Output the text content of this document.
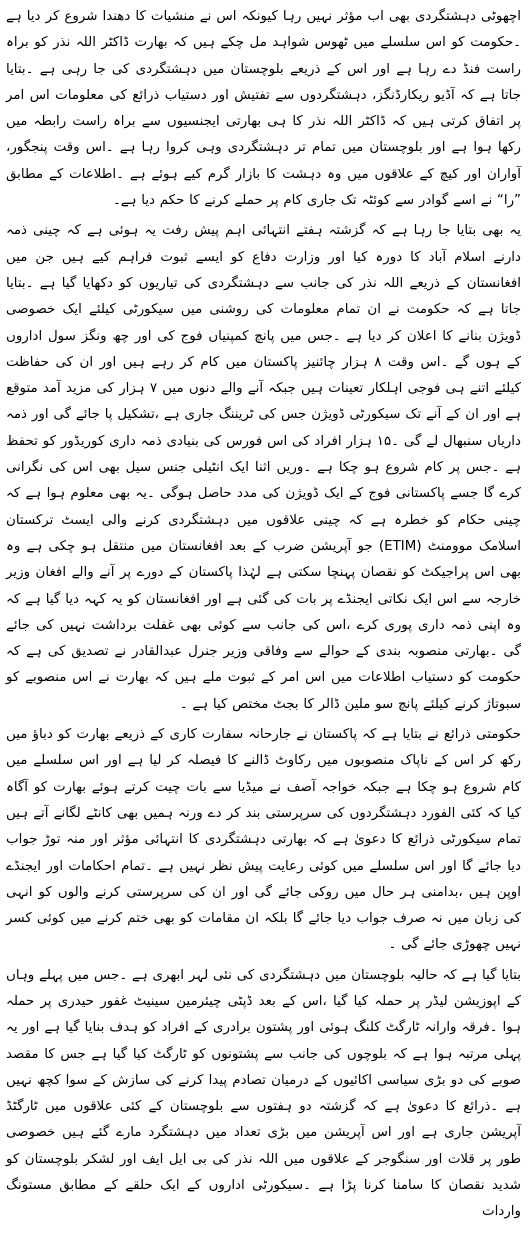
اچھوٹی دہشتگردی بھی اب مؤثر نہیں رہا کیونکہ اس نے منشیات کا دھندا شروع کر دیا ہے ۔حکومت کو اس سلسلے میں ٹھوس شواہد مل چکے ہیں کہ بھارت ڈاکٹر اللہ نذر کو براہ راست فنڈ دے رہا ہے اور اس کے ذریعے بلوچستان میں دہشتگردی کی جا رہی ہے ۔بتایا جاتا ہے کہ آڈیو ریکارڈنگز، دہشتگردوں سے تفتیش اور دستیاب ذرائع کی معلومات اس امر پر اتفاق کرتی ہیں کہ ڈاکٹر اللہ نذر کا ہی بھارتی ایجنسیوں سے براہ راست رابطہ میں رکھا ہوا ہے اور بلوچستان میں تمام تر دہشتگردی وہی کروا رہا ہے ۔اس وقت پنجگور، آواران اور کیچ کے علاقوں میں وہ دہشت کا بازار گرم کیے ہوئے ہے ۔اطلاعات کے مطابق ”را“ نے اسے گوادر سے کوئٹہ تک جاری کام پر حملے کرنے کا حکم دیا ہے۔

یہ بھی بتایا جا رہا ہے کہ گزشتہ ہفتے انتہائی اہم پیش رفت یہ ہوئی ہے کہ چینی ذمہ دارنے اسلام آباد کا دورہ کیا اور وزارت دفاع کو ایسے ثبوت فراہم کیے ہیں جن میں افغانستان کے ذریعے اللہ نذر کی جانب سے دہشتگردی کی تیاریوں کو دکھایا گیا ہے ۔بتایا جاتا ہے کہ حکومت نے ان تمام معلومات کی روشنی میں سیکورٹی کیلئے ایک خصوصی ڈویژن بنانے کا اعلان کر دیا ہے ۔جس میں پانچ کمپنیاں فوج کی اور چھ ونگز سول اداروں کے ہوں گے ۔اس وقت ۸ ہزار چائنیز پاکستان میں کام کر رہے ہیں اور ان کی حفاظت کیلئے اتنے ہی فوجی اہلکار تعینات ہیں جبکہ آنے والے دنوں میں ۷ ہزار کی مزید آمد متوقع ہے اور ان کے آنے تک سیکورٹی ڈویژن جس کی ٹریننگ جاری ہے ،تشکیل پا جائے گی اور ذمہ داریاں سنبھال لے گی ۔۱۵ ہزار افراد کی اس فورس کی بنیادی ذمہ داری کوریڈور کو تحفظ ہے ۔جس پر کام شروع ہو چکا ہے ۔وریں اثنا ایک انٹیلی جنس سیل بھی اس کی نگرانی کرے گا جسے پاکستانی فوج کے ایک ڈویژن کی مدد حاصل ہوگی ۔یہ بھی معلوم ہوا ہے کہ چینی حکام کو خطرہ ہے کہ چینی علاقوں میں دہشتگردی کرنے والی ایسٹ ترکستان اسلامک موومنٹ (ETIM) جو آپریشن ضرب کے بعد افغانستان میں منتقل ہو چکی ہے وہ بھی اس پراجیکٹ کو نقصان پہنچا سکتی ہے لہٰذا پاکستان کے دورے پر آنے والے افغان وزیر خارجہ سے اس ایک نکاتی ایجنڈے پر بات کی گئی ہے اور افغانستان کو یہ کہہ دیا گیا ہے کہ وہ اپنی ذمہ داری پوری کرے ،اس کی جانب سے کوئی بھی غفلت برداشت نہیں کی جائے گی ۔بھارتی منصوبہ بندی کے حوالے سے وفاقی وزیر جنرل عبدالقادر نے تصدیق کی ہے کہ حکومت کو دستیاب اطلاعات میں اس امر کے ثبوت ملے ہیں کہ بھارت نے اس منصوبے کو سبوتاژ کرنے کیلئے پانچ سو ملین ڈالر کا بجٹ مختص کیا ہے ۔

حکومتی ذرائع نے بتایا ہے کہ پاکستان نے جارحانہ سفارت کاری کے ذریعے بھارت کو دباؤ میں رکھ کر اس کے ناپاک منصوبوں میں رکاوٹ ڈالنے کا فیصلہ کر لیا ہے اور اس سلسلے میں کام شروع ہو چکا ہے جبکہ خواجہ آصف نے میڈیا سے بات چیت کرتے ہوئے بھارت کو آگاہ کیا کہ کئی الفورد دہشتگردوں کی سرپرستی بند کر دے ورنہ ہمیں بھی کانٹے لگانے آتے ہیں تمام سیکورٹی ذرائع کا دعویٰ ہے کہ بھارتی دہشتگردی کا انتہائی مؤثر اور منہ توڑ جواب دیا جائے گا اور اس سلسلے میں کوئی رعایت پیش نظر نہیں ہے ۔تمام احکامات اور ایجنڈے اوپن ہیں ،بدامنی ہر حال میں روکی جائے گی اور ان کی سرپرستی کرنے والوں کو انہی کی زبان میں نہ صرف جواب دیا جائے گا بلکہ ان مقامات کو بھی ختم کرنے میں کوئی کسر نہیں چھوڑی جائے گی ۔

بتایا گیا ہے کہ حالیہ بلوچستان میں دہشتگردی کی نئی لہر ابھری ہے ۔جس میں پہلے وہاں کے اپوزیشن لیڈر پر حملہ کیا گیا ،اس کے بعد ڈپٹی چیئرمین سینیٹ غفور حیدری پر حملہ ہوا ۔فرقہ وارانہ ٹارگٹ کلنگ ہوئی اور پشتون برادری کے افراد کو ہدف بنایا گیا ہے اور یہ پہلی مرتبہ ہوا ہے کہ بلوچوں کی جانب سے پشتونوں کو ٹارگٹ کیا گیا ہے جس کا مقصد صوبے کی دو بڑی سیاسی اکائیوں کے درمیان تصادم پیدا کرنے کی سازش کے سوا کچھ نہیں ہے ۔ذرائع کا دعویٰ ہے کہ گزشتہ دو ہفتوں سے بلوچستان کے کئی علاقوں میں ٹارگٹڈ آپریشن جاری ہے اور اس آپریشن میں بڑی تعداد میں دہشتگرد مارے گئے ہیں خصوصی طور پر قلات اور سنگوجر کے علاقوں میں اللہ نذر کی بی ایل ایف اور لشکر بلوچستان کو شدید نقصان کا سامنا کرنا پڑا ہے ۔سیکورٹی اداروں کے ایک حلقے کے مطابق مستونگ واردات
